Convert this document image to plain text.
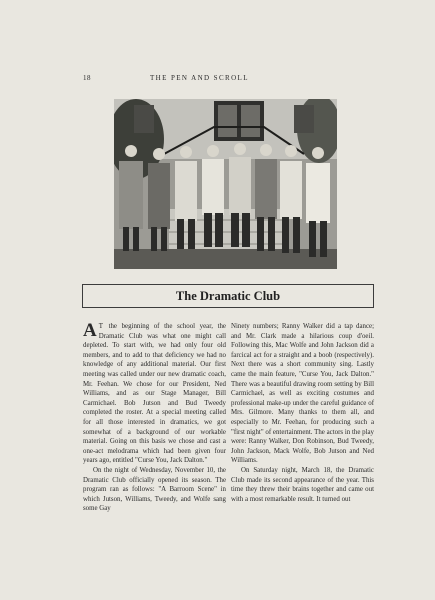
18	THE PEN AND SCROLL
The Dramatic Club

A T the beginning of the school year, the Dramatic Club was what one might call depleted. To start with, we had only four old members, and to add to that deficiency we had no knowledge of any additional material. Our first meeting was called under our new dramatic coach, Mr. Feehan. We chose for our President, Ned Williams, and as our Stage Manager, Bill Carmichael. Bob Jutson and Bud Tweedy completed the roster. At a special meeting called for all those interested in dramatics, we got somewhat of a background of our workable material. Going on this basis we chose and cast a one-act melodrama which had been given four years ago, entitled "Curse You, Jack Dalton."

On the night of Wednesday, November 10, the Dramatic Club officially opened its season. The program ran as follows: "A Barroom Scene" in which Jutson, Williams, Tweedy, and Wolfe sang some Gay

Ninety numbers; Ranny Walker did a tap dance; and Mr. Clark made a hilarious coup d'oeil. Following this, Mac Wolfe and John Jackson did a farcical act for a straight and a boob (respectively). Next there was a short community sing. Lastly came the main feature, "Curse You, Jack Dalton." There was a beautiful drawing room setting by Bill Carmichael, as well as exciting costumes and professional make-up under the careful guidance of Mrs. Gilmore. Many thanks to them all, and especially to Mr. Feehan, for producing such a "first night" of entertainment. The actors in the play were: Ranny Walker, Don Robinson, Bud Tweedy, John Jackson, Mack Wolfe, Bob Jutson and Ned Williams.

On Saturday night, March 18, the Dramatic Club made its second appearance of the year. This time they threw their brains together and came out with a most remarkable result. It turned out
